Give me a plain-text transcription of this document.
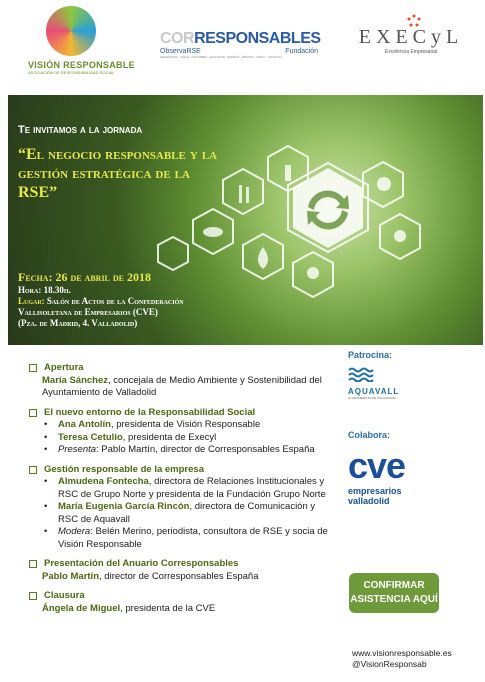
VISIÓN RESPONSABLE
ASOCIACIÓN DE RESPONSABILIDAD SOCIAL
CORRESPONSABLES
ObservaRSE	Fundación
ARGENTINA · CHILE · COLOMBIA · ECUADOR · ESPAÑA · MÉXICO · PERÚ · URUGUAY
EXECyL
Excelencia Empresarial
Te invitamos a la jornada
“El negocio responsable y la gestión estratégica de la RSE”
Fecha: 26 de abril de 2018
Hora: 18.30h.
Lugar: Salón de Actos de la Confederación Vallisoletana de Empresarios (CVE)
(Pza. de Madrid, 4. Valladolid)
Apertura
María Sánchez, concejala de Medio Ambiente y Sostenibilidad del Ayuntamiento de Valladolid
El nuevo entorno de la Responsabilidad Social
• Ana Antolín, presidenta de Visión Responsable
• Teresa Cetulio, presidenta de Execyl
• Presenta: Pablo Martín, director de Corresponsables España
Gestión responsable de la empresa
• Almudena Fontecha, directora de Relaciones Institucionales y RSC de Grupo Norte y presidenta de la Fundación Grupo Norte
• María Eugenia García Rincón, directora de Comunicación y RSC de Aquavall
• Modera: Belén Merino, periodista, consultora de RSE y socia de Visión Responsable
Presentación del Anuario Corresponsables
Pablo Martín, director de Corresponsables España
Clausura
Ángela de Miguel, presidenta de la CVE
Patrocina:
AQUAVALL
AYUNTAMIENTO DE VALLADOLID
Colabora:
cve
empresarios
valladolid
CONFIRMAR ASISTENCIA AQUÍ
www.visionresponsable.es
@VisionResponsab
